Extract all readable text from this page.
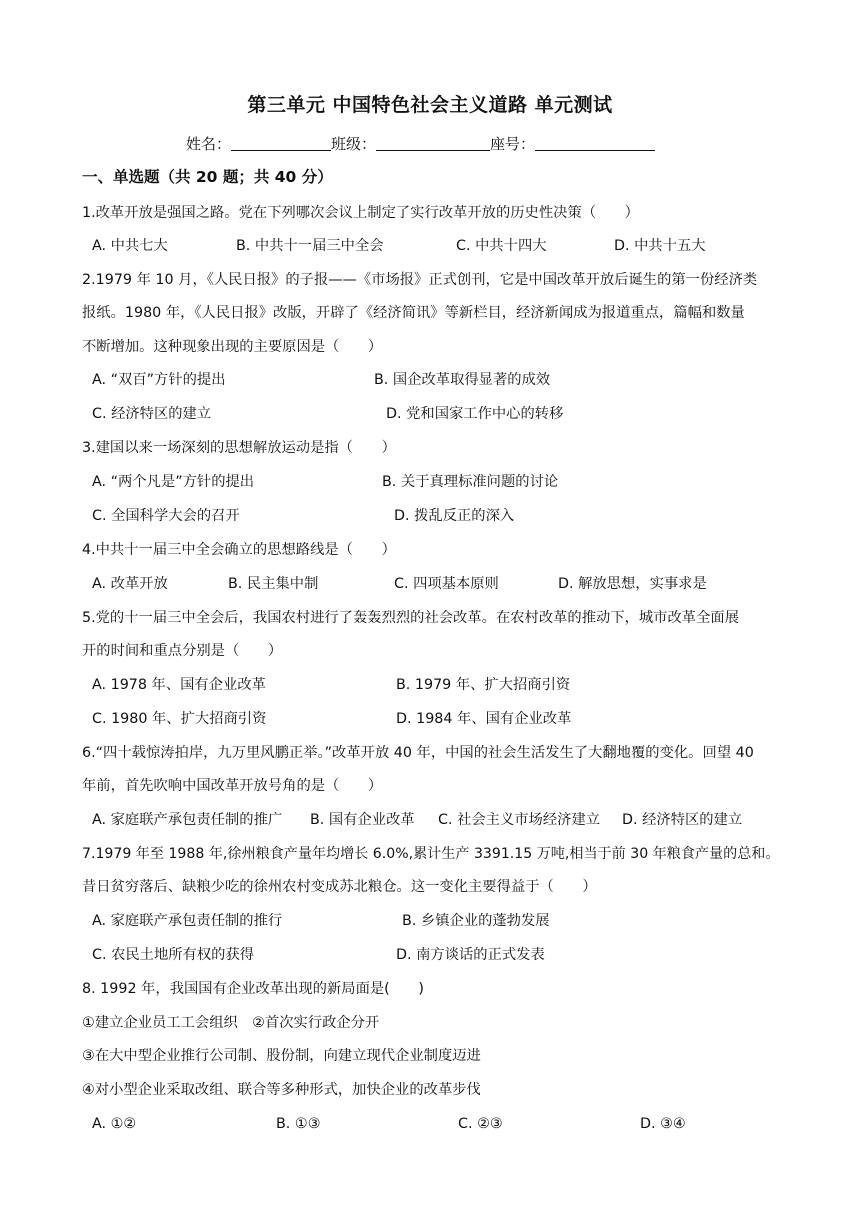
第三单元 中国特色社会主义道路 单元测试
姓名：	班级：	座号：
一、单选题（共 20 题；共 40 分）
1.改革开放是强国之路。党在下列哪次会议上制定了实行改革开放的历史性决策（　　）
A. 中共七大	B. 中共十一届三中全会	C. 中共十四大	D. 中共十五大
2.1979 年 10 月，《人民日报》的子报——《市场报》正式创刊，它是中国改革开放后诞生的第一份经济类
报纸。1980 年，《人民日报》改版，开辟了《经济简讯》等新栏目，经济新闻成为报道重点，篇幅和数量
不断增加。这种现象出现的主要原因是（　　）
A. “双百”方针的提出	B. 国企改革取得显著的成效
C. 经济特区的建立	D. 党和国家工作中心的转移
3.建国以来一场深刻的思想解放运动是指（　　）
A. “两个凡是”方针的提出	B. 关于真理标准问题的讨论
C. 全国科学大会的召开	D. 拨乱反正的深入
4.中共十一届三中全会确立的思想路线是（　　）
A. 改革开放	B. 民主集中制	C. 四项基本原则	D. 解放思想，实事求是
5.党的十一届三中全会后，我国农村进行了轰轰烈烈的社会改革。在农村改革的推动下，城市改革全面展
开的时间和重点分别是（　　）
A. 1978 年、国有企业改革	B. 1979 年、扩大招商引资
C. 1980 年、扩大招商引资	D. 1984 年、国有企业改革
6.“四十载惊涛拍岸，九万里风鹏正举。”改革开放 40 年，中国的社会生活发生了大翻地覆的变化。回望 40
年前，首先吹响中国改革开放号角的是（　　）
A. 家庭联产承包责任制的推广 B. 国有企业改革 C. 社会主义市场经济建立 D. 经济特区的建立
7.1979 年至 1988 年,徐州粮食产量年均增长 6.0%,累计生产 3391.15 万吨,相当于前 30 年粮食产量的总和。
昔日贫穷落后、缺粮少吃的徐州农村变成苏北粮仓。这一变化主要得益于（　　）
A. 家庭联产承包责任制的推行	B. 乡镇企业的蓬勃发展
C. 农民土地所有权的获得	D. 南方谈话的正式发表
8. 1992 年，我国国有企业改革出现的新局面是(　　)
①建立企业员工工会组织　②首次实行政企分开
③在大中型企业推行公司制、股份制，向建立现代企业制度迈进
④对小型企业采取改组、联合等多种形式，加快企业的改革步伐
A. ①②	B. ①③	C. ②③	D. ③④
